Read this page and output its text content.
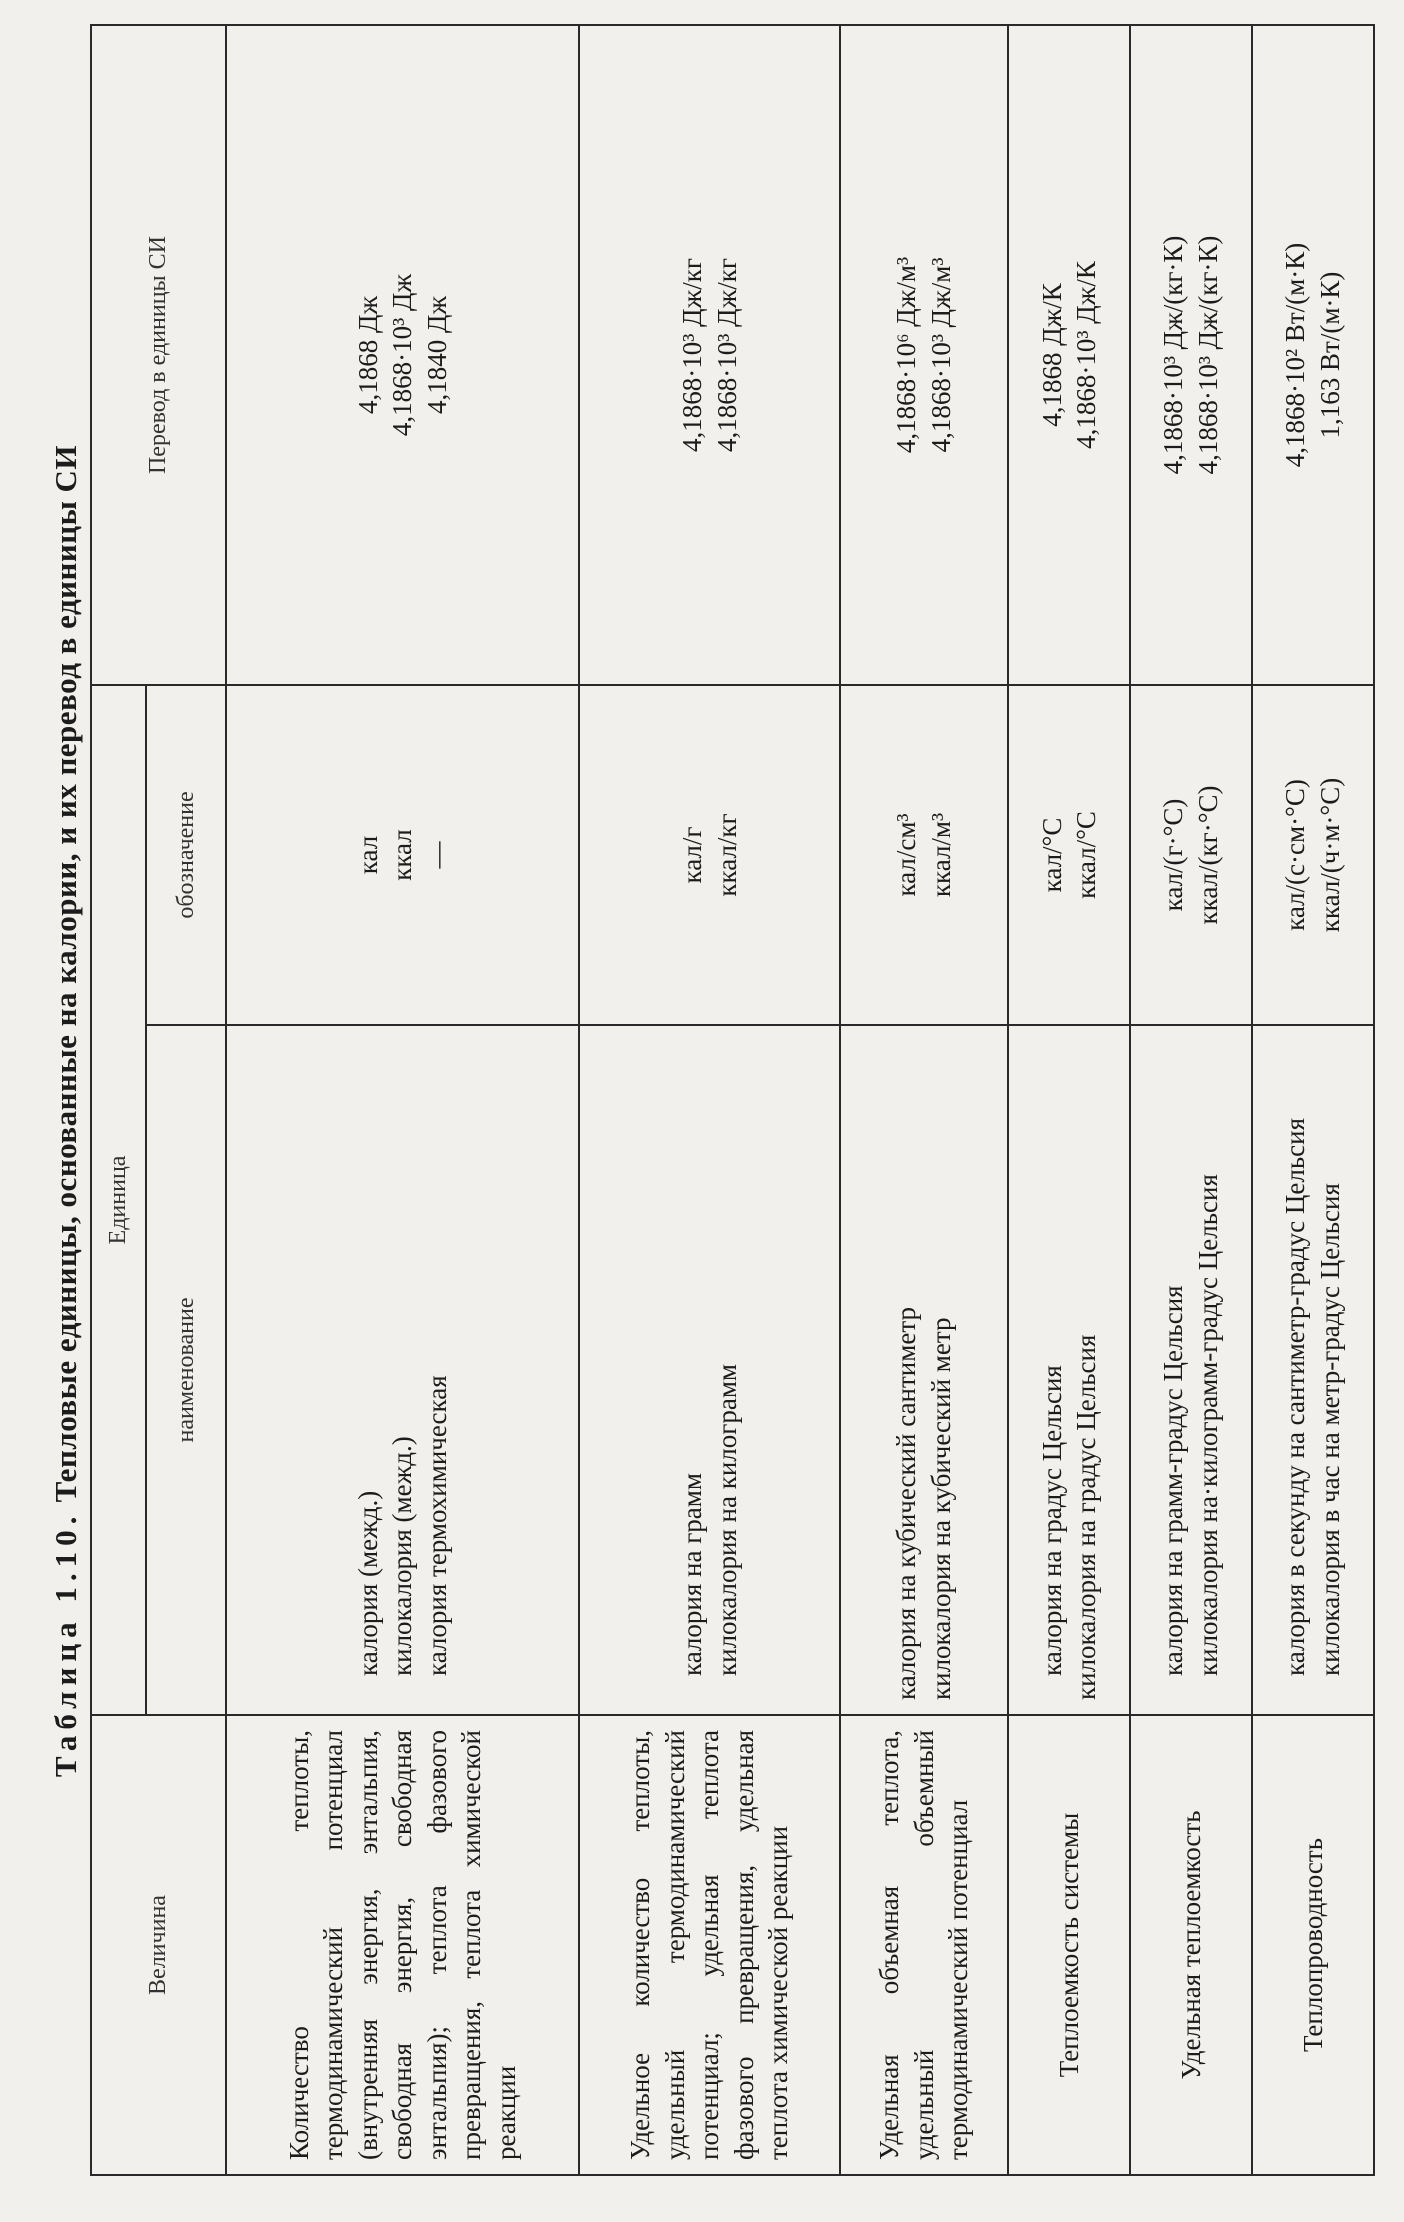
Таблица 1.10. Тепловые единицы, основанные на калории, и их перевод в единицы СИ
Величина	Единица		Перевод в единицы СИ
	наименование	обозначение	
Количество теплоты, термодинамический потенциал (внутренняя энергия, энтальпия, свободная энергия, свободная энтальпия); теплота фазового превращения, теплота химической реакции	калория (межд.) килокалория (межд.) калория термохимическая	кал ккал —	4,1868 Дж 4,1868·10³ Дж 4,1840 Дж

Удельное количество теплоты, удельный термодинамический потенциал; удельная теплота фазового превращения, удельная теплота химической реакции	калория на грамм килокалория на килограмм	кал/г ккал/кг	4,1868·10³ Дж/кг 4,1868·10³ Дж/кг

Удельная объемная теплота, удельный объемный термодинамический потенциал	калория на кубический сантиметр килокалория на кубический метр	кал/см³ ккал/м³	4,1868·10⁶ Дж/м³ 4,1868·10³ Дж/м³

Теплоемкость системы	калория на градус Цельсия килокалория на градус Цельсия	кал/°С ккал/°С	4,1868 Дж/К 4,1868·10³ Дж/К

Удельная теплоемкость	калория на грамм-градус Цельсия килокалория на·килограмм-градус Цельсия	кал/(г·°С) ккал/(кг·°С)	4,1868·10³ Дж/(кг·К) 4,1868·10³ Дж/(кг·К)

Теплопроводность	калория в секунду на сантиметр-градус Цельсия килокалория в час на метр-градус Цельсия	кал/(с·см·°С) ккал/(ч·м·°С)	4,1868·10² Вт/(м·К) 1,163 Вт/(м·К)
